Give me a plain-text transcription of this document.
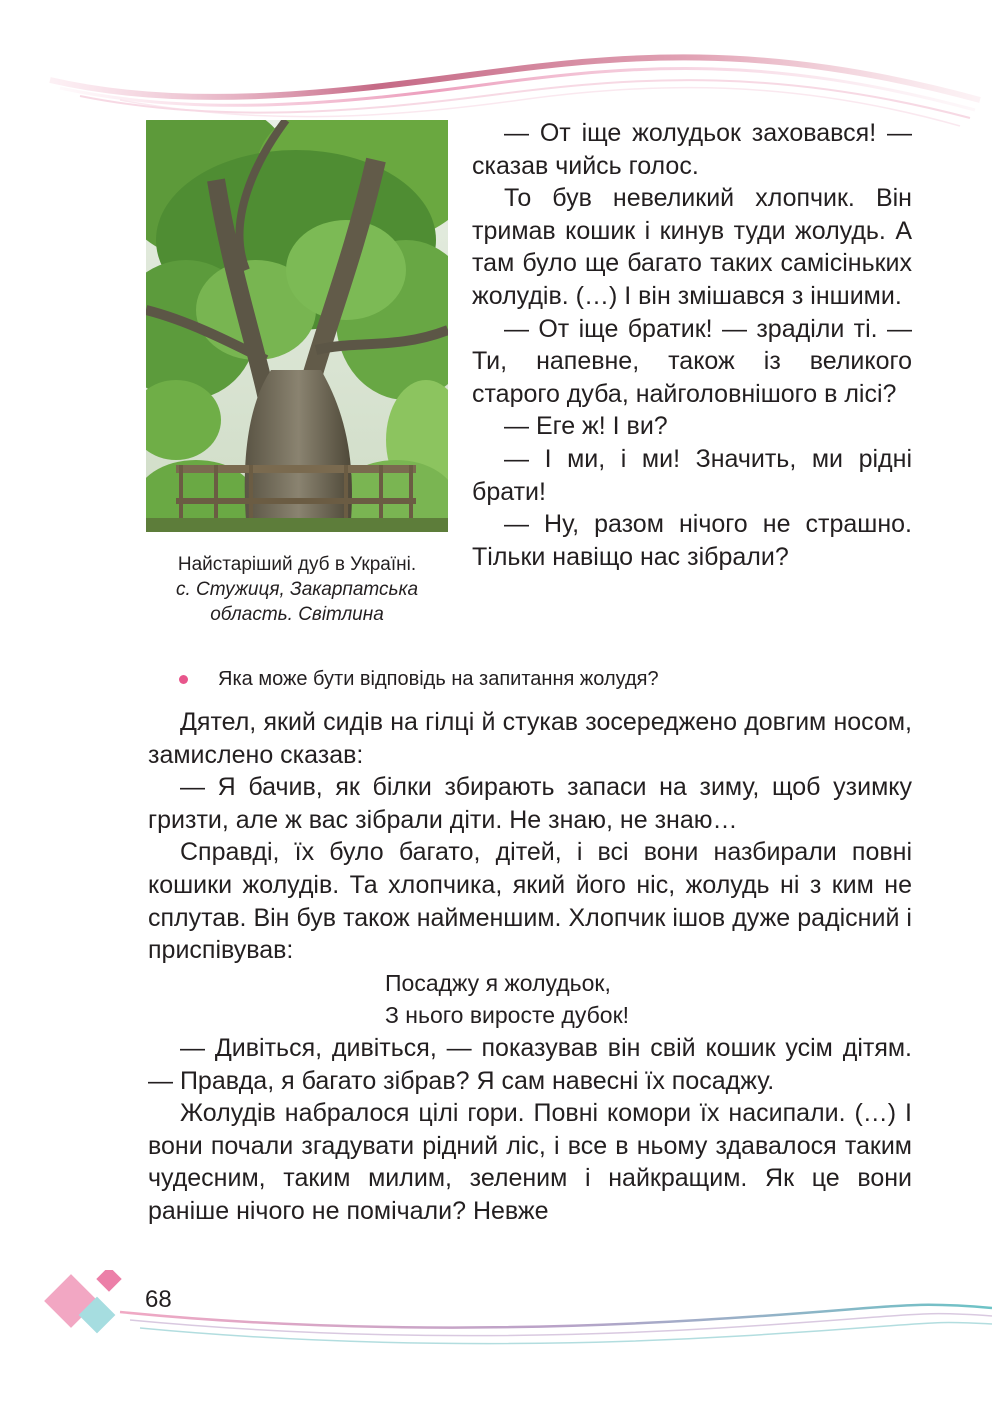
Найстаріший дуб в Україні.
с. Стужиця, Закарпатська
область. Світлина

— От іще жолудьок заховався! — сказав чийсь голос.

То був невеликий хлопчик. Він тримав кошик і кинув туди жолудь. А там було ще багато таких самісіньких жолудів. (…) І він змішався з іншими.

— От іще братик! — зраділи ті. — Ти, напевне, також із великого старого дуба, найголовнішого в лісі?

— Еге ж! І ви?

— І ми, і ми! Значить, ми рідні брати!

— Ну, разом нічого не страшно. Тільки навіщо нас зібрали?

Яка може бути відповідь на запитання жолудя?

Дятел, який сидів на гілці й стукав зосереджено довгим носом, замислено сказав:

— Я бачив, як білки збирають запаси на зиму, щоб узимку гризти, але ж вас зібрали діти. Не знаю, не знаю…

Справді, їх було багато, дітей, і всі вони назбирали повні кошики жолудів. Та хлопчика, який його ніс, жолудь ні з ким не сплутав. Він був також найменшим. Хлопчик ішов дуже радісний і приспівував:

Посаджу я жолудьок,
З нього виросте дубок!

— Дивіться, дивіться, — показував він свій кошик усім дітям. — Правда, я багато зібрав? Я сам навесні їх посаджу.

Жолудів набралося цілі гори. Повні комори їх насипали. (…) І вони почали згадувати рідний ліс, і все в ньому здавалося таким чудесним, таким милим, зеленим і найкращим. Як це вони раніше нічого не помічали? Невже

68
